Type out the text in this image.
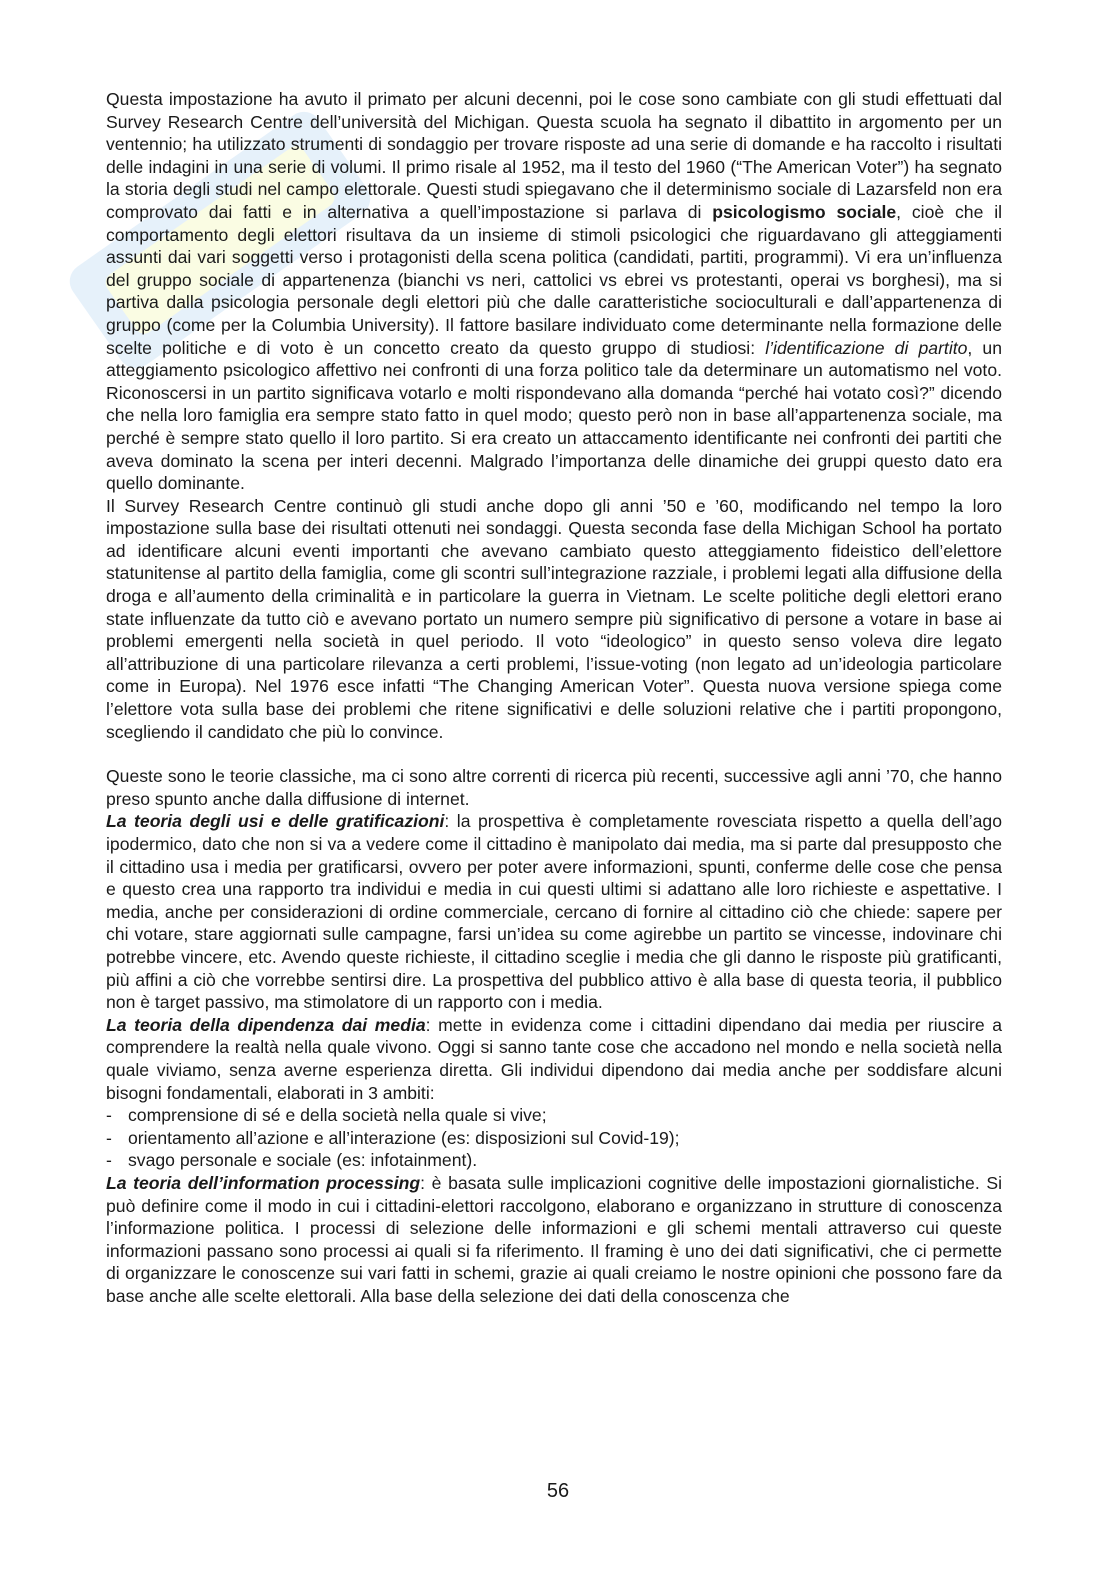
Questa impostazione ha avuto il primato per alcuni decenni, poi le cose sono cambiate con gli studi effettuati dal Survey Research Centre dell’università del Michigan. Questa scuola ha segnato il dibattito in argomento per un ventennio; ha utilizzato strumenti di sondaggio per trovare risposte ad una serie di domande e ha raccolto i risultati delle indagini in una serie di volumi. Il primo risale al 1952, ma il testo del 1960 (“The American Voter”) ha segnato la storia degli studi nel campo elettorale. Questi studi spiegavano che il determinismo sociale di Lazarsfeld non era comprovato dai fatti e in alternativa a quell’impostazione si parlava di psicologismo sociale, cioè che il comportamento degli elettori risultava da un insieme di stimoli psicologici che riguardavano gli atteggiamenti assunti dai vari soggetti verso i protagonisti della scena politica (candidati, partiti, programmi). Vi era un’influenza del gruppo sociale di appartenenza (bianchi vs neri, cattolici vs ebrei vs protestanti, operai vs borghesi), ma si partiva dalla psicologia personale degli elettori più che dalle caratteristiche socioculturali e dall’appartenenza di gruppo (come per la Columbia University). Il fattore basilare individuato come determinante nella formazione delle scelte politiche e di voto è un concetto creato da questo gruppo di studiosi: l’identificazione di partito, un atteggiamento psicologico affettivo nei confronti di una forza politico tale da determinare un automatismo nel voto. Riconoscersi in un partito significava votarlo e molti rispondevano alla domanda “perché hai votato così?” dicendo che nella loro famiglia era sempre stato fatto in quel modo; questo però non in base all’appartenenza sociale, ma perché è sempre stato quello il loro partito. Si era creato un attaccamento identificante nei confronti dei partiti che aveva dominato la scena per interi decenni. Malgrado l’importanza delle dinamiche dei gruppi questo dato era quello dominante.

Il Survey Research Centre continuò gli studi anche dopo gli anni ’50 e ’60, modificando nel tempo la loro impostazione sulla base dei risultati ottenuti nei sondaggi. Questa seconda fase della Michigan School ha portato ad identificare alcuni eventi importanti che avevano cambiato questo atteggiamento fideistico dell’elettore statunitense al partito della famiglia, come gli scontri sull’integrazione razziale, i problemi legati alla diffusione della droga e all’aumento della criminalità e in particolare la guerra in Vietnam. Le scelte politiche degli elettori erano state influenzate da tutto ciò e avevano portato un numero sempre più significativo di persone a votare in base ai problemi emergenti nella società in quel periodo. Il voto “ideologico” in questo senso voleva dire legato all’attribuzione di una particolare rilevanza a certi problemi, l’issue-voting (non legato ad un’ideologia particolare come in Europa). Nel 1976 esce infatti “The Changing American Voter”. Questa nuova versione spiega come l’elettore vota sulla base dei problemi che ritene significativi e delle soluzioni relative che i partiti propongono, scegliendo il candidato che più lo convince.

Queste sono le teorie classiche, ma ci sono altre correnti di ricerca più recenti, successive agli anni ’70, che hanno preso spunto anche dalla diffusione di internet.

La teoria degli usi e delle gratificazioni: la prospettiva è completamente rovesciata rispetto a quella dell’ago ipodermico, dato che non si va a vedere come il cittadino è manipolato dai media, ma si parte dal presupposto che il cittadino usa i media per gratificarsi, ovvero per poter avere informazioni, spunti, conferme delle cose che pensa e questo crea una rapporto tra individui e media in cui questi ultimi si adattano alle loro richieste e aspettative. I media, anche per considerazioni di ordine commerciale, cercano di fornire al cittadino ciò che chiede: sapere per chi votare, stare aggiornati sulle campagne, farsi un’idea su come agirebbe un partito se vincesse, indovinare chi potrebbe vincere, etc. Avendo queste richieste, il cittadino sceglie i media che gli danno le risposte più gratificanti, più affini a ciò che vorrebbe sentirsi dire. La prospettiva del pubblico attivo è alla base di questa teoria, il pubblico non è target passivo, ma stimolatore di un rapporto con i media.

La teoria della dipendenza dai media: mette in evidenza come i cittadini dipendano dai media per riuscire a comprendere la realtà nella quale vivono. Oggi si sanno tante cose che accadono nel mondo e nella società nella quale viviamo, senza averne esperienza diretta. Gli individui dipendono dai media anche per soddisfare alcuni bisogni fondamentali, elaborati in 3 ambiti:

- comprensione di sé e della società nella quale si vive;
- orientamento all’azione e all’interazione (es: disposizioni sul Covid-19);
- svago personale e sociale (es: infotainment).

La teoria dell’information processing: è basata sulle implicazioni cognitive delle impostazioni giornalistiche. Si può definire come il modo in cui i cittadini-elettori raccolgono, elaborano e organizzano in strutture di conoscenza l’informazione politica. I processi di selezione delle informazioni e gli schemi mentali attraverso cui queste informazioni passano sono processi ai quali si fa riferimento. Il framing è uno dei dati significativi, che ci permette di organizzare le conoscenze sui vari fatti in schemi, grazie ai quali creiamo le nostre opinioni che possono fare da base anche alle scelte elettorali. Alla base della selezione dei dati della conoscenza che

56
